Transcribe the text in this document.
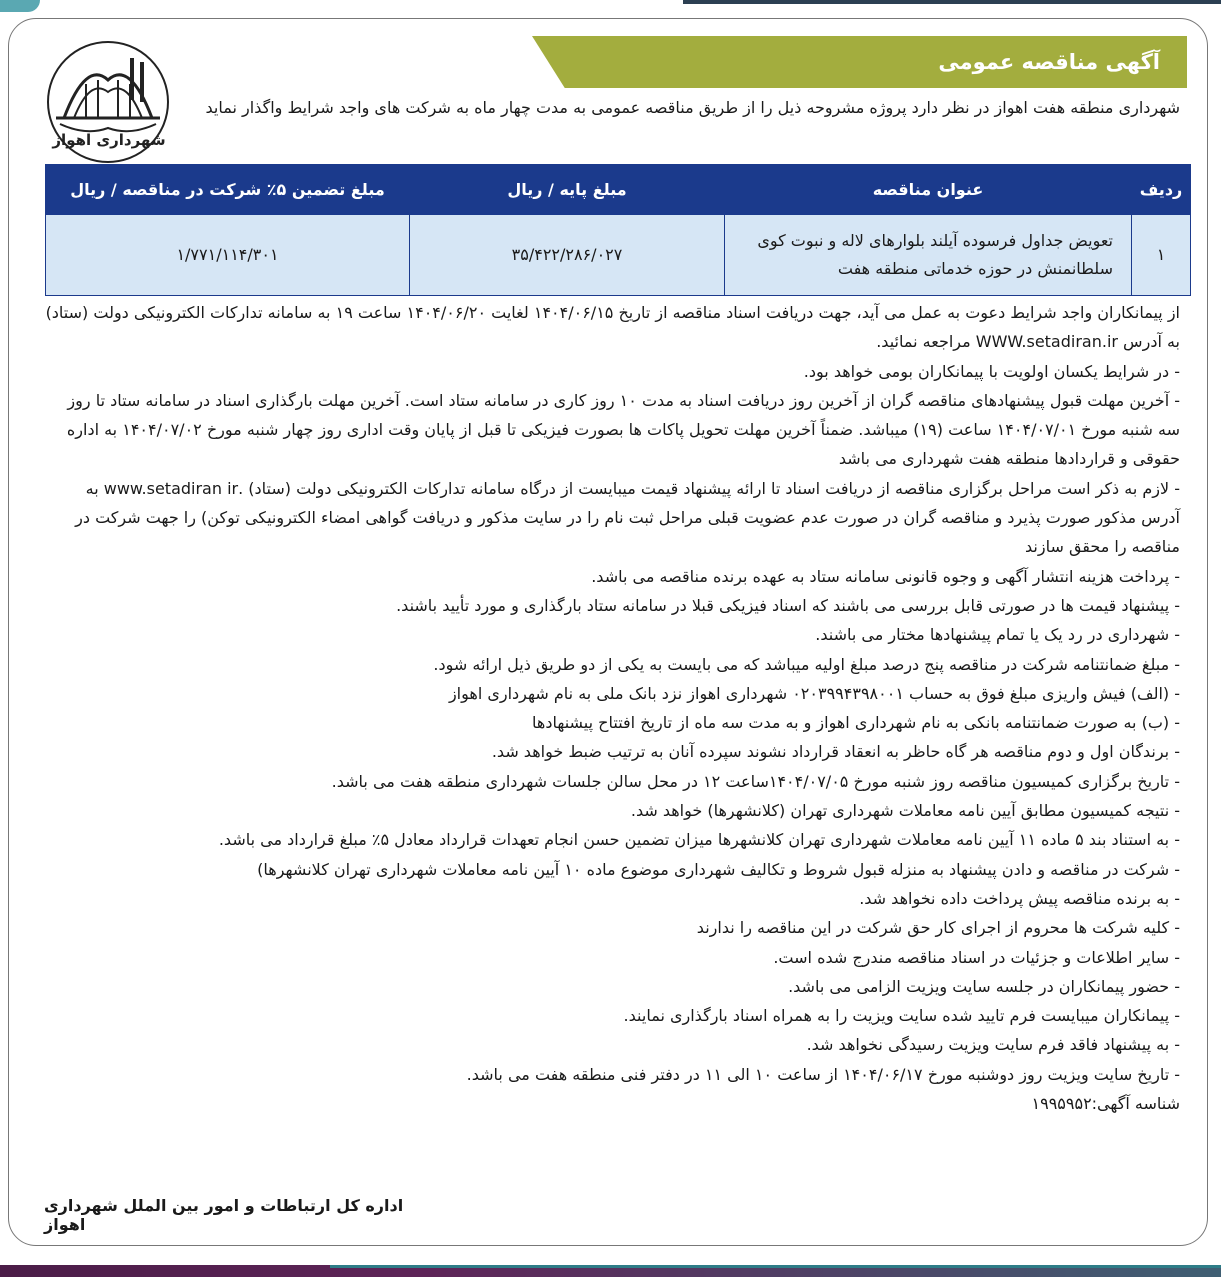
آگهی مناقصه عمومی
شهرداری اهواز
شهرداری منطقه هفت اهواز در نظر دارد پروژه مشروحه ذیل را از طریق مناقصه عمومی به مدت چهار ماه به شرکت های واجد شرایط واگذار نماید
ردیف	عنوان مناقصه	مبلغ پایه / ریال	مبلغ تضمین ۵٪ شرکت در مناقصه / ریال
۱	تعویض جداول فرسوده آیلند بلوارهای لاله و نبوت کوی سلطانمنش در حوزه خدماتی منطقه هفت	۳۵/۴۲۲/۲۸۶/۰۲۷	۱/۷۷۱/۱۱۴/۳۰۱

از پیمانکاران واجد شرایط دعوت به عمل می آید، جهت دریافت اسناد مناقصه از تاریخ ۱۴۰۴/۰۶/۱۵ لغایت ۱۴۰۴/۰۶/۲۰ ساعت ۱۹ به سامانه تدارکات الکترونیکی دولت (ستاد) به آدرس WWW.setadiran.ir مراجعه نمائید.

- در شرایط یکسان اولویت با پیمانکاران بومی خواهد بود.

- آخرین مهلت قبول پیشنهادهای مناقصه گران از آخرین روز دریافت اسناد به مدت ۱۰ روز کاری در سامانه ستاد است. آخرین مهلت بارگذاری اسناد در سامانه ستاد تا روز سه شنبه مورخ ۱۴۰۴/۰۷/۰۱ ساعت (۱۹) میباشد. ضمناً آخرین مهلت تحویل پاکات ها بصورت فیزیکی تا قبل از پایان وقت اداری روز چهار شنبه مورخ ۱۴۰۴/۰۷/۰۲ به اداره حقوقی و قراردادها منطقه هفت شهرداری می باشد

- لازم به ذکر است مراحل برگزاری مناقصه از دریافت اسناد تا ارائه پیشنهاد قیمت میبایست از درگاه سامانه تدارکات الکترونیکی دولت (ستاد) .www.setadiran ir به آدرس مذکور صورت پذیرد و مناقصه گران در صورت عدم عضویت قبلی مراحل ثبت نام را در سایت مذکور و دریافت گواهی امضاء الکترونیکی توکن) را جهت شرکت در مناقصه را محقق سازند

- پرداخت هزینه انتشار آگهی و وجوه قانونی سامانه ستاد به عهده برنده مناقصه می باشد.

- پیشنهاد قیمت ها در صورتی قابل بررسی می باشند که اسناد فیزیکی قبلا در سامانه ستاد بارگذاری و مورد تأیید باشند.

- شهرداری در رد یک یا تمام پیشنهادها مختار می باشند.

- مبلغ ضمانتنامه شرکت در مناقصه پنج درصد مبلغ اولیه میباشد که می بایست به یکی از دو طریق ذیل ارائه شود.

- (الف) فیش واریزی مبلغ فوق به حساب ۰۲۰۳۹۹۴۳۹۸۰۰۱ شهرداری اهواز نزد بانک ملی به نام شهرداری اهواز

- (ب) به صورت ضمانتنامه بانکی به نام شهرداری اهواز و به مدت سه ماه از تاریخ افتتاح پیشنهادها

- برندگان اول و دوم مناقصه هر گاه حاظر به انعقاد قرارداد نشوند سپرده آنان به ترتیب ضبط خواهد شد.

- تاریخ برگزاری کمیسیون مناقصه روز شنبه مورخ ۱۴۰۴/۰۷/۰۵ساعت ۱۲ در محل سالن جلسات شهرداری منطقه هفت می باشد.

- نتیجه کمیسیون مطابق آیین نامه معاملات شهرداری تهران (کلانشهرها) خواهد شد.

- به استناد بند ۵ ماده ۱۱ آیین نامه معاملات شهرداری تهران کلانشهرها میزان تضمین حسن انجام تعهدات قرارداد معادل ۵٪ مبلغ قرارداد می باشد.

- شرکت در مناقصه و دادن پیشنهاد به منزله قبول شروط و تکالیف شهرداری موضوع ماده ۱۰ آیین نامه معاملات شهرداری تهران کلانشهرها)

- به برنده مناقصه پیش پرداخت داده نخواهد شد.

- کلیه شرکت ها محروم از اجرای کار حق شرکت در این مناقصه را ندارند

- سایر اطلاعات و جزئیات در اسناد مناقصه مندرج شده است.

- حضور پیمانکاران در جلسه سایت ویزیت الزامی می باشد.

- پیمانکاران میبایست فرم تایید شده سایت ویزیت را به همراه اسناد بارگذاری نمایند.

- به پیشنهاد فاقد فرم سایت ویزیت رسیدگی نخواهد شد.

- تاریخ سایت ویزیت روز دوشنبه مورخ ۱۴۰۴/۰۶/۱۷ از ساعت ۱۰ الی ۱۱ در دفتر فنی منطقه هفت می باشد.

شناسه آگهی:۱۹۹۵۹۵۲

اداره کل ارتباطات و امور بین الملل شهرداری اهواز
